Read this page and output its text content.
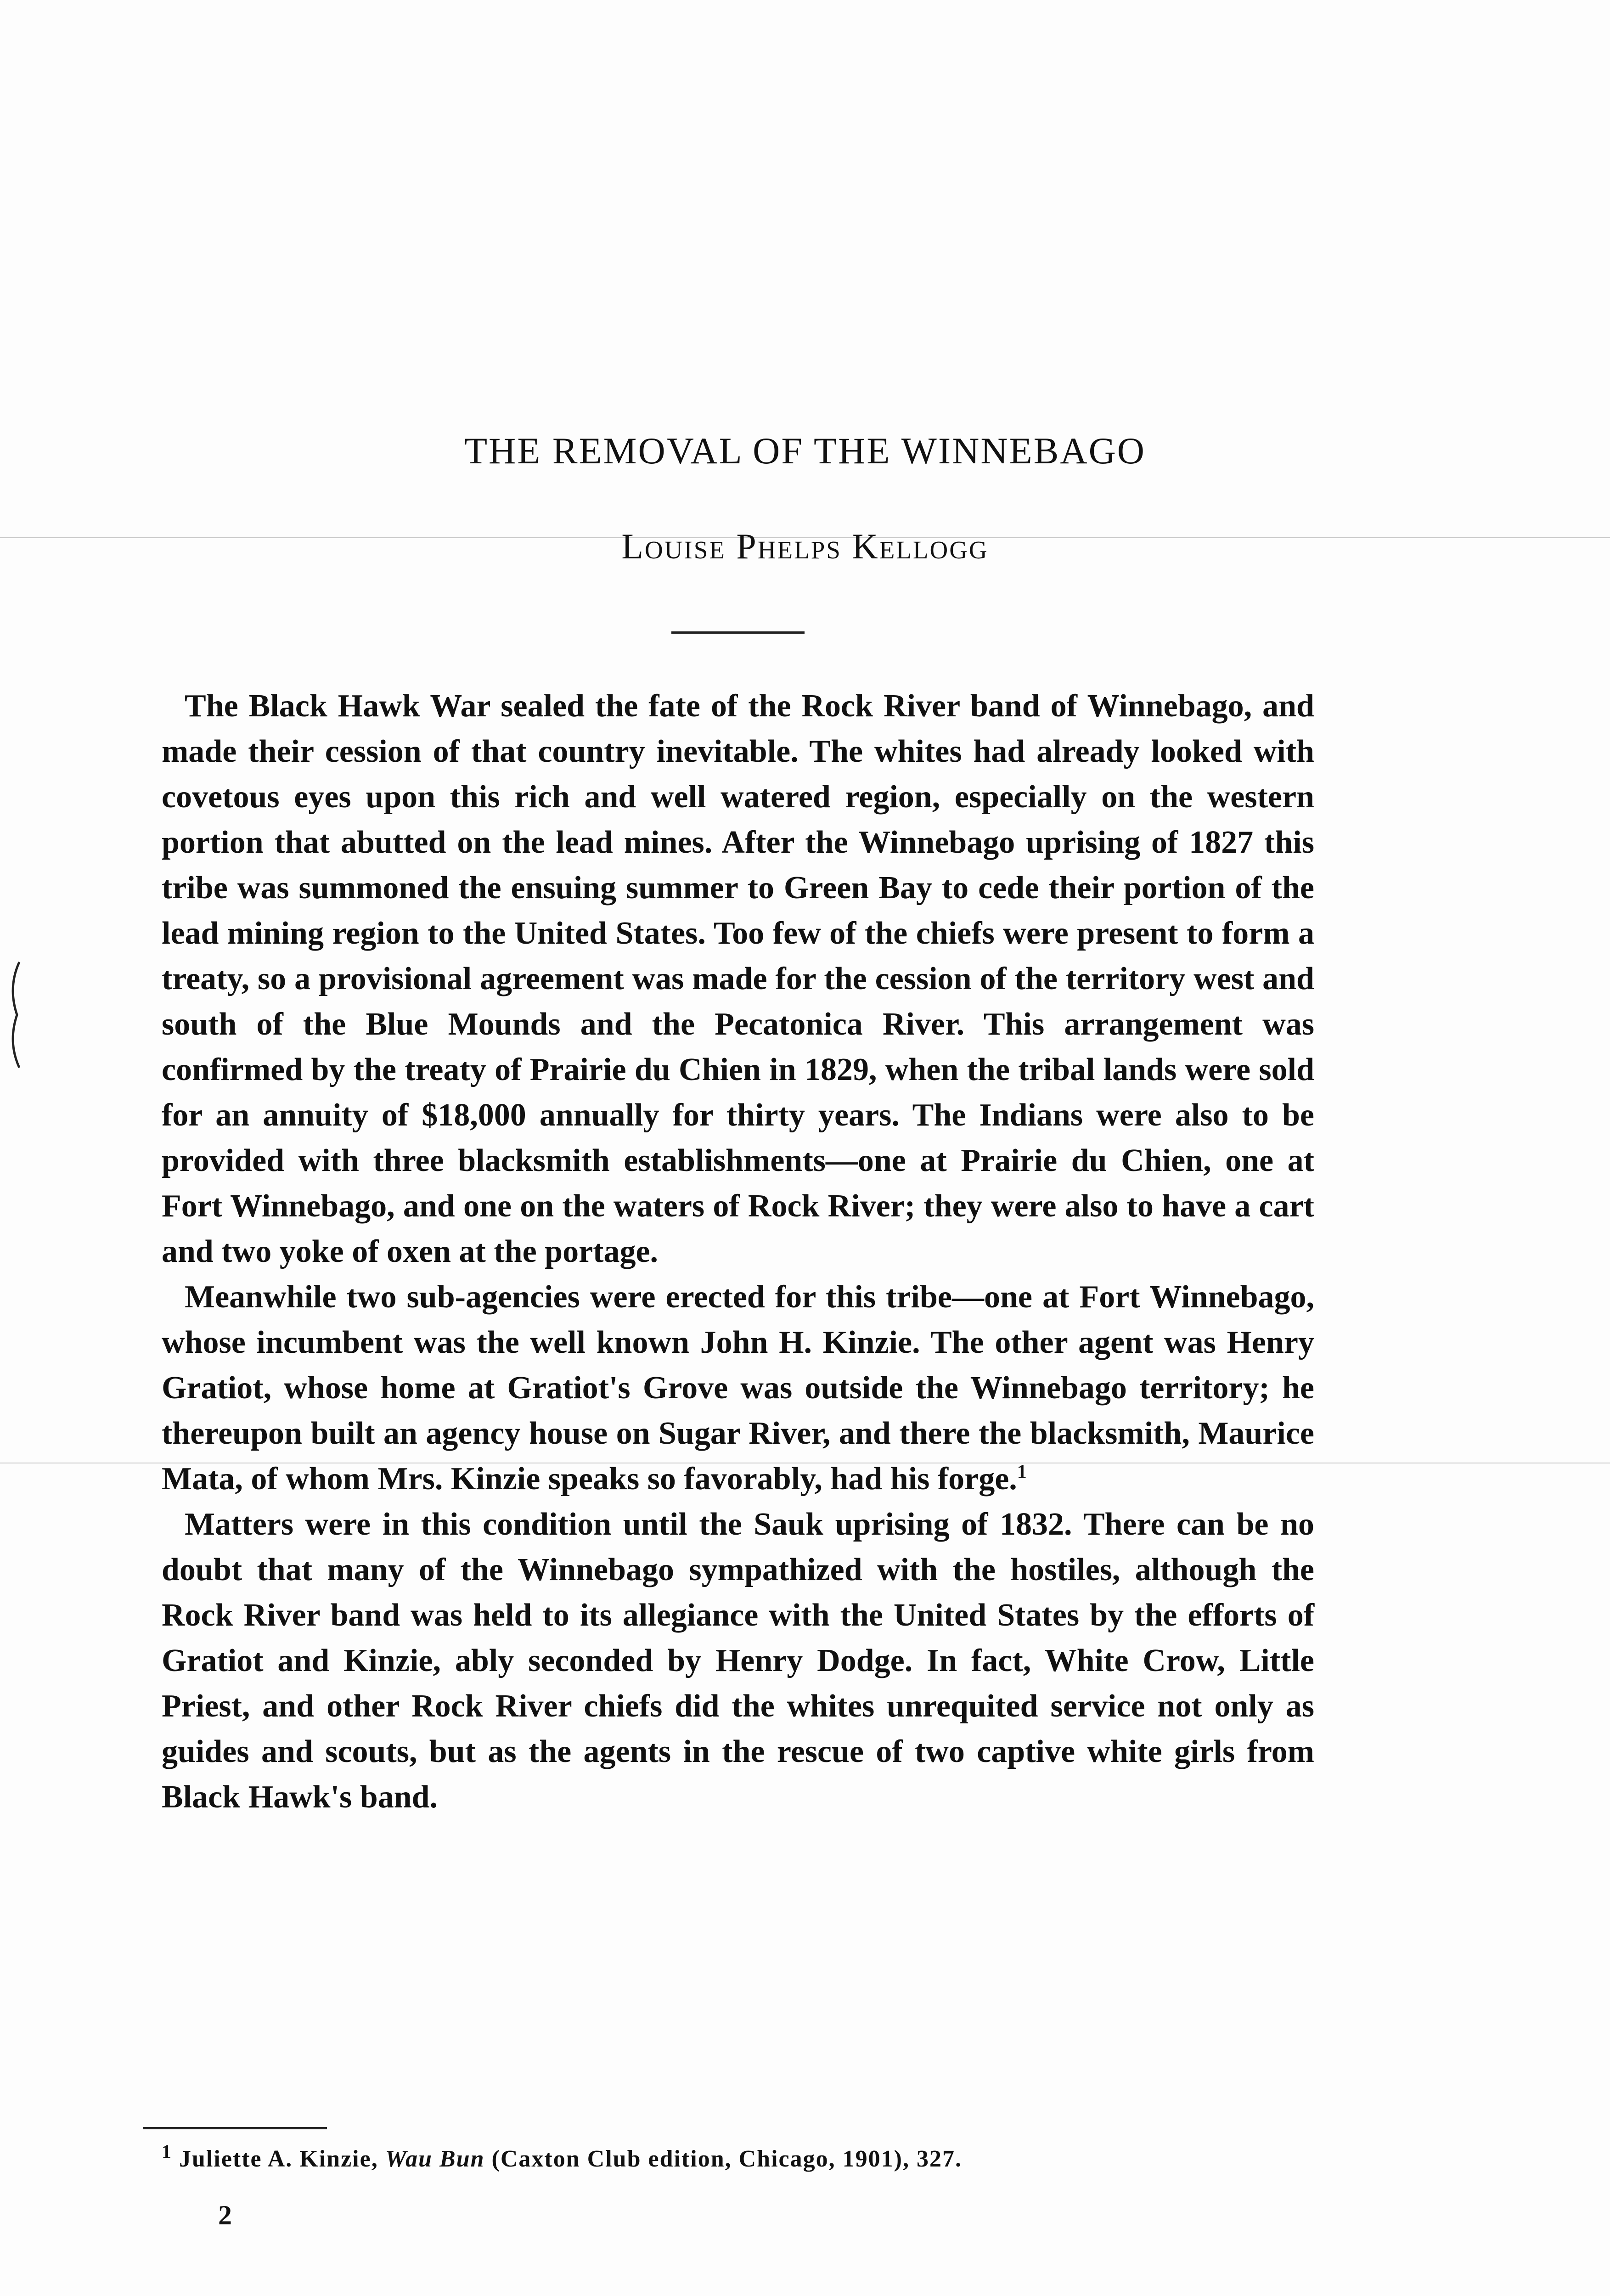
THE REMOVAL OF THE WINNEBAGO
Louise Phelps Kellogg

The Black Hawk War sealed the fate of the Rock River band of Winnebago, and made their cession of that country inevitable. The whites had already looked with covetous eyes upon this rich and well watered region, especially on the western portion that abutted on the lead mines. After the Winnebago uprising of 1827 this tribe was summoned the ensuing summer to Green Bay to cede their portion of the lead mining region to the United States. Too few of the chiefs were present to form a treaty, so a provisional agreement was made for the cession of the territory west and south of the Blue Mounds and the Pecatonica River. This arrangement was confirmed by the treaty of Prairie du Chien in 1829, when the tribal lands were sold for an annuity of $18,000 annually for thirty years. The Indians were also to be provided with three blacksmith establishments—one at Prairie du Chien, one at Fort Winnebago, and one on the waters of Rock River; they were also to have a cart and two yoke of oxen at the portage.

Meanwhile two sub-agencies were erected for this tribe—one at Fort Winnebago, whose incumbent was the well known John H. Kinzie. The other agent was Henry Gratiot, whose home at Gratiot's Grove was outside the Winnebago territory; he thereupon built an agency house on Sugar River, and there the blacksmith, Maurice Mata, of whom Mrs. Kinzie speaks so favorably, had his forge.$^1$

Matters were in this condition until the Sauk uprising of 1832. There can be no doubt that many of the Winnebago sympathized with the hostiles, although the Rock River band was held to its allegiance with the United States by the efforts of Gratiot and Kinzie, ably seconded by Henry Dodge. In fact, White Crow, Little Priest, and other Rock River chiefs did the whites unrequited service not only as guides and scouts, but as the agents in the rescue of two captive white girls from Black Hawk's band.

$^1$ Juliette A. Kinzie, Wau Bun (Caxton Club edition, Chicago, 1901), 327.
2
